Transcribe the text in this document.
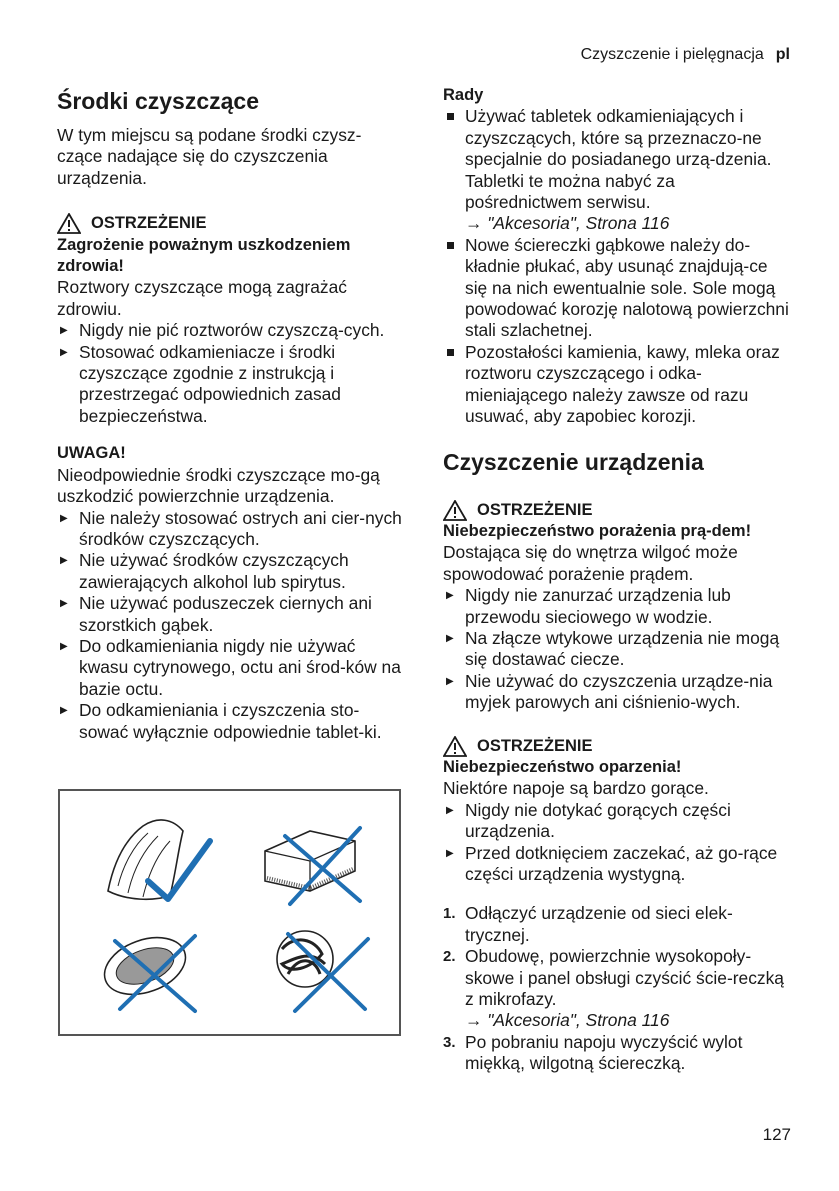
Czyszczenie i pielęgnacja pl
Środki czyszczące

W tym miejscu są podane środki czysz-czące nadające się do czyszczenia urządzenia.

OSTRZEŻENIE

Zagrożenie poważnym uszkodzeniem zdrowia!

Roztwory czyszczące mogą zagrażać zdrowiu.

▶ Nigdy nie pić roztworów czyszczą-cych.
▶ Stosować odkamieniacze i środki czyszczące zgodnie z instrukcją i przestrzegać odpowiednich zasad bezpieczeństwa.

UWAGA!

Nieodpowiednie środki czyszczące mo-gą uszkodzić powierzchnie urządzenia.

▶ Nie należy stosować ostrych ani cier-nych środków czyszczących.
▶ Nie używać środków czyszczących zawierających alkohol lub spirytus.
▶ Nie używać poduszeczek ciernych ani szorstkich gąbek.
▶ Do odkamieniania nigdy nie używać kwasu cytrynowego, octu ani środ-ków na bazie octu.
▶ Do odkamieniania i czyszczenia sto-sować wyłącznie odpowiednie tablet-ki.

Rady

Używać tabletek odkamieniających i czyszczących, które są przeznaczo-ne specjalnie do posiadanego urzą-dzenia. Tabletki te można nabyć za pośrednictwem serwisu.
→ "Akcesoria", Strona 116
Nowe ściereczki gąbkowe należy do-kładnie płukać, aby usunąć znajdują-ce się na nich ewentualnie sole. Sole mogą powodować korozję nalotową powierzchni stali szlachetnej.
Pozostałości kamienia, kawy, mleka oraz roztworu czyszczącego i odka-mieniającego należy zawsze od razu usuwać, aby zapobiec korozji.
Czyszczenie urządzenia
OSTRZEŻENIE

Niebezpieczeństwo porażenia prą-dem!

Dostająca się do wnętrza wilgoć może spowodować porażenie prądem.

▶ Nigdy nie zanurzać urządzenia lub przewodu sieciowego w wodzie.
▶ Na złącze wtykowe urządzenia nie mogą się dostawać ciecze.
▶ Nie używać do czyszczenia urządze-nia myjek parowych ani ciśnienio-wych.
OSTRZEŻENIE

Niebezpieczeństwo oparzenia!

Niektóre napoje są bardzo gorące.

▶ Nigdy nie dotykać gorących części urządzenia.
▶ Przed dotknięciem zaczekać, aż go-rące części urządzenia wystygną.
1. Odłączyć urządzenie od sieci elek-trycznej.
2. Obudowę, powierzchnie wysokopoły-skowe i panel obsługi czyścić ście-reczką z mikrofazy.
→ "Akcesoria", Strona 116
3. Po pobraniu napoju wyczyścić wylot miękką, wilgotną ściereczką.
127
